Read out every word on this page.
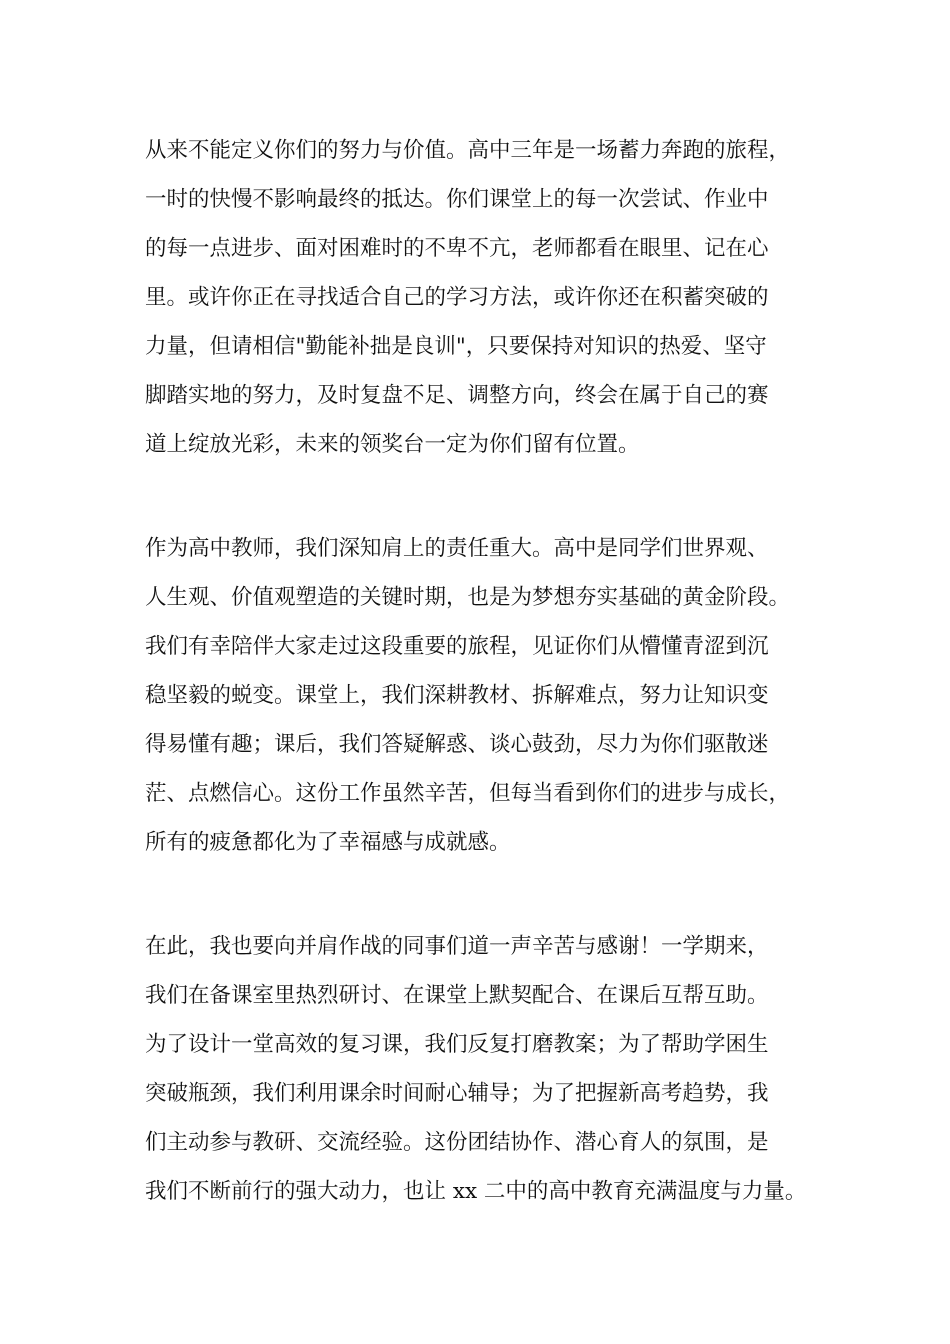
从来不能定义你们的努力与价值。高中三年是一场蓄力奔跑的旅程，
一时的快慢不影响最终的抵达。你们课堂上的每一次尝试、作业中
的每一点进步、面对困难时的不卑不亢，老师都看在眼里、记在心
里。或许你正在寻找适合自己的学习方法，或许你还在积蓄突破的
力量，但请相信"勤能补拙是良训"，只要保持对知识的热爱、坚守
脚踏实地的努力，及时复盘不足、调整方向，终会在属于自己的赛
道上绽放光彩，未来的领奖台一定为你们留有位置。

作为高中教师，我们深知肩上的责任重大。高中是同学们世界观、
人生观、价值观塑造的关键时期，也是为梦想夯实基础的黄金阶段。
我们有幸陪伴大家走过这段重要的旅程，见证你们从懵懂青涩到沉
稳坚毅的蜕变。课堂上，我们深耕教材、拆解难点，努力让知识变
得易懂有趣；课后，我们答疑解惑、谈心鼓劲，尽力为你们驱散迷
茫、点燃信心。这份工作虽然辛苦，但每当看到你们的进步与成长，
所有的疲惫都化为了幸福感与成就感。

在此，我也要向并肩作战的同事们道一声辛苦与感谢！一学期来，
我们在备课室里热烈研讨、在课堂上默契配合、在课后互帮互助。
为了设计一堂高效的复习课，我们反复打磨教案；为了帮助学困生
突破瓶颈，我们利用课余时间耐心辅导；为了把握新高考趋势，我
们主动参与教研、交流经验。这份团结协作、潜心育人的氛围，是
我们不断前行的强大动力，也让 xx 二中的高中教育充满温度与力量。
